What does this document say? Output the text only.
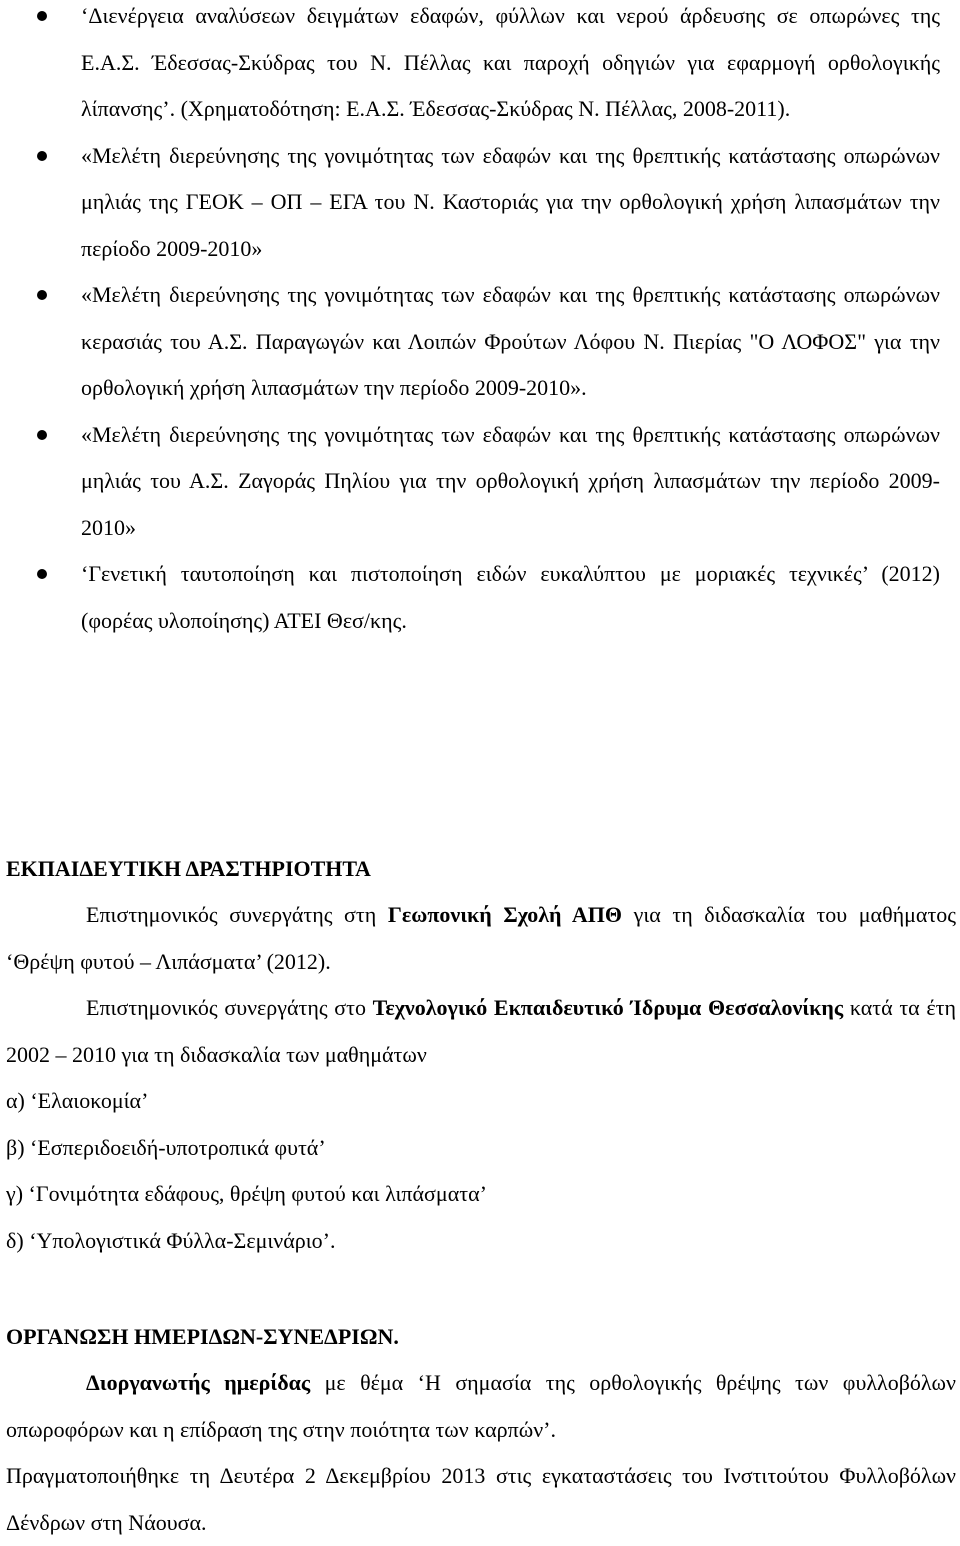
‘Διενέργεια αναλύσεων δειγμάτων εδαφών, φύλλων και νερού άρδευσης σε οπωρώνες της Ε.Α.Σ. Έδεσσας-Σκύδρας του Ν. Πέλλας και παροχή οδηγιών για εφαρμογή ορθολογικής λίπανσης’. (Χρηματοδότηση: Ε.Α.Σ. Έδεσσας-Σκύδρας Ν. Πέλλας, 2008-2011).
«Μελέτη διερεύνησης της γονιμότητας των εδαφών και της θρεπτικής κατάστασης οπωρώνων μηλιάς της ΓΕΟΚ – ΟΠ – ΕΓΑ του Ν. Καστοριάς για την ορθολογική χρήση λιπασμάτων την περίοδο 2009-2010»
«Μελέτη διερεύνησης της γονιμότητας των εδαφών και της θρεπτικής κατάστασης οπωρώνων κερασιάς του Α.Σ. Παραγωγών και Λοιπών Φρούτων Λόφου Ν. Πιερίας "Ο ΛΟΦΟΣ" για την ορθολογική χρήση λιπασμάτων την περίοδο 2009-2010».
«Μελέτη διερεύνησης της γονιμότητας των εδαφών και της θρεπτικής κατάστασης οπωρώνων μηλιάς του Α.Σ. Ζαγοράς Πηλίου για την ορθολογική χρήση λιπασμάτων την περίοδο 2009-2010»
‘Γενετική ταυτοποίηση και πιστοποίηση ειδών ευκαλύπτου με μοριακές τεχνικές’ (2012) (φορέας υλοποίησης) ΑΤΕΙ Θεσ/κης.
ΕΚΠΑΙΔΕΥΤΙΚΗ ΔΡΑΣΤΗΡΙΟΤΗΤΑ
Επιστημονικός συνεργάτης στη Γεωπονική Σχολή ΑΠΘ για τη διδασκαλία του μαθήματος ‘Θρέψη φυτού – Λιπάσματα’ (2012).
Επιστημονικός συνεργάτης στο Τεχνολογικό Εκπαιδευτικό Ίδρυμα Θεσσαλονίκης κατά τα έτη 2002 – 2010 για τη διδασκαλία των μαθημάτων
α) ‘Ελαιοκομία’
β) ‘Εσπεριδοειδή-υποτροπικά φυτά’
γ) ‘Γονιμότητα εδάφους, θρέψη φυτού και λιπάσματα’
δ) ‘Υπολογιστικά Φύλλα-Σεμινάριο’.
ΟΡΓΑΝΩΣΗ ΗΜΕΡΙΔΩΝ-ΣΥΝΕΔΡΙΩΝ.
Διοργανωτής ημερίδας με θέμα ‘Η σημασία της ορθολογικής θρέψης των φυλλοβόλων οπωροφόρων και η επίδραση της στην ποιότητα των καρπών’.
Πραγματοποιήθηκε τη Δευτέρα 2 Δεκεμβρίου 2013 στις εγκαταστάσεις του Ινστιτούτου Φυλλοβόλων Δένδρων στη Νάουσα.
